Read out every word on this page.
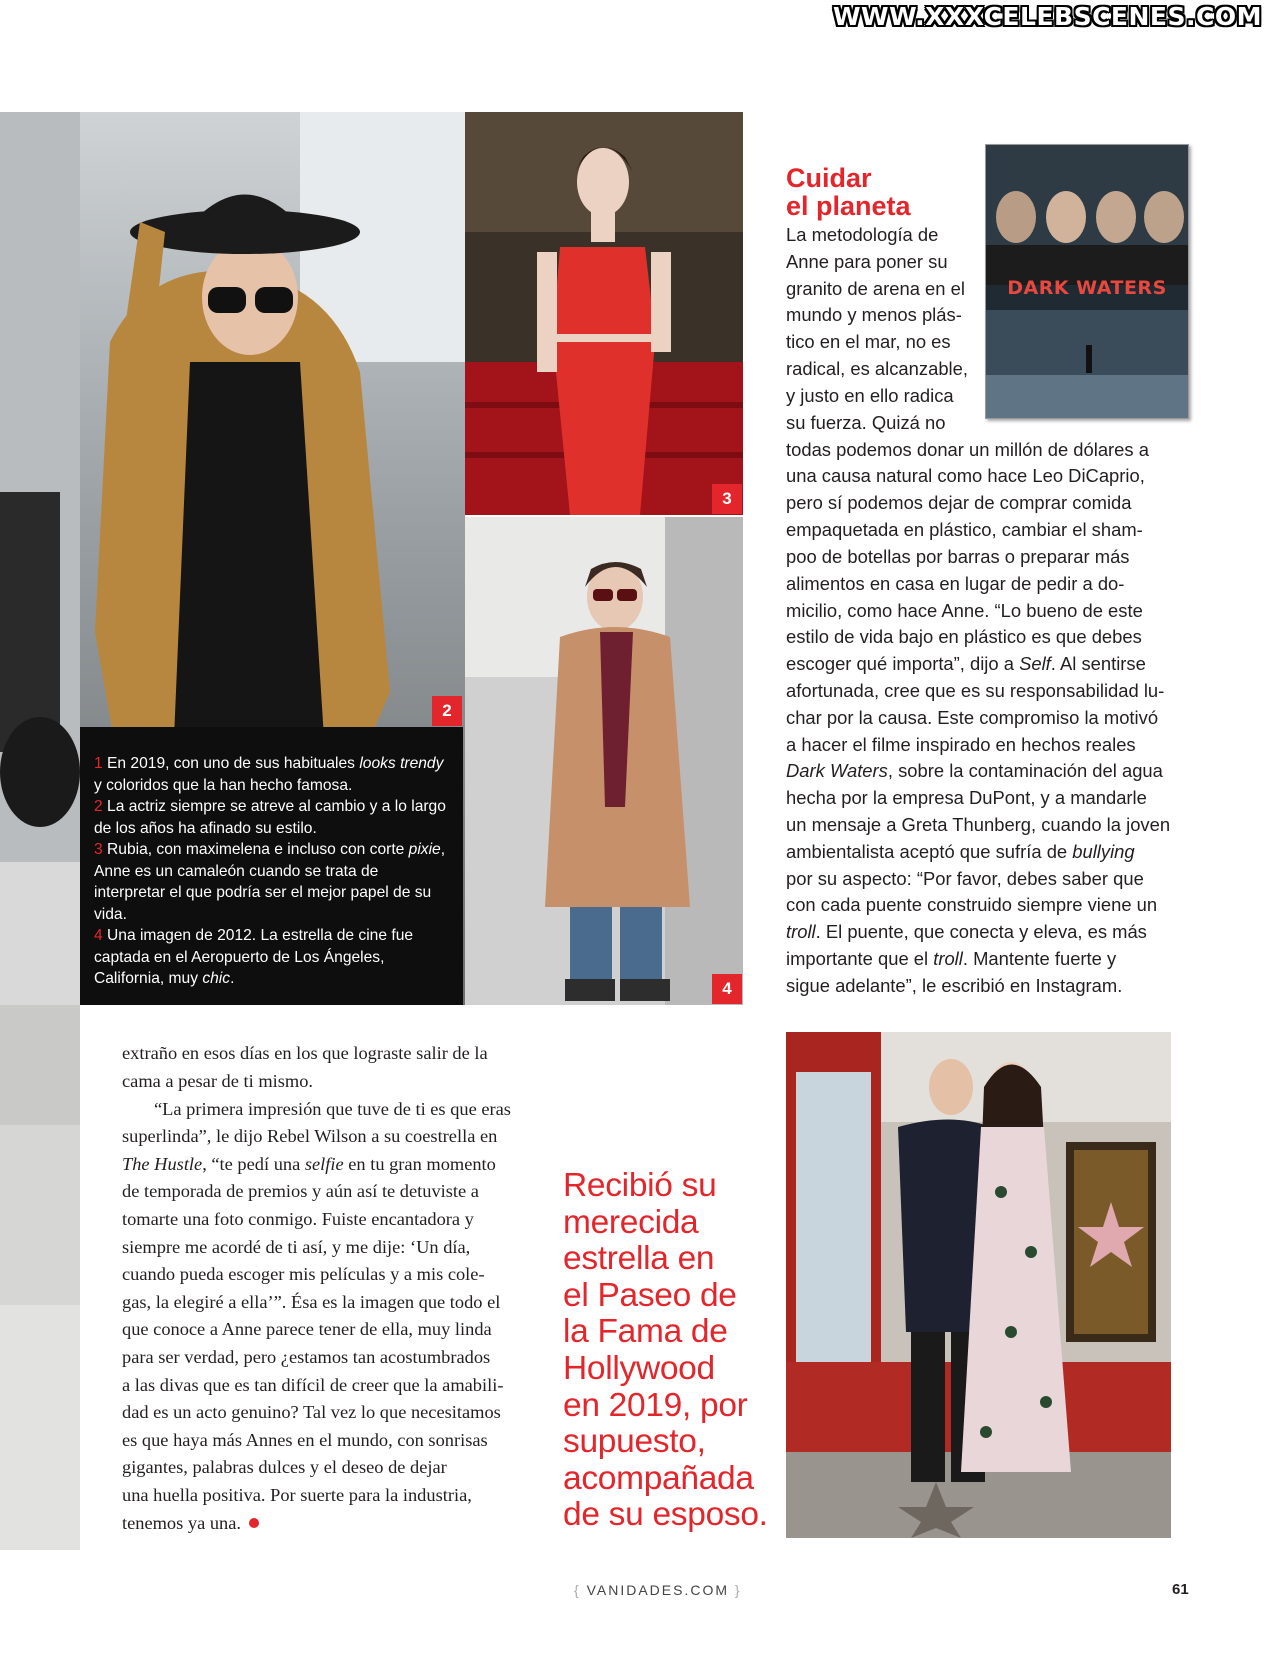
WWW.XXXCELEBSCENES.COM
2
3
4

1 En 2019, con uno de sus habituales looks trendy y coloridos que la han hecho famosa.

2 La actriz siempre se atreve al cambio y a lo largo de los años ha afinado su estilo.

3 Rubia, con maximelena e incluso con corte pixie, Anne es un camaleón cuando se trata de interpretar el que podría ser el mejor papel de su vida.

4 Una imagen de 2012. La estrella de cine fue captada en el Aeropuerto de Los Ángeles, California, muy chic.

DARK WATERS
Cuidar
el planeta
La metodología de
Anne para poner su
granito de arena en el
mundo y menos plás-
tico en el mar, no es
radical, es alcanzable,
y justo en ello radica
su fuerza. Quizá no
todas podemos donar un millón de dólares a
una causa natural como hace Leo DiCaprio,
pero sí podemos dejar de comprar comida
empaquetada en plástico, cambiar el sham-
poo de botellas por barras o preparar más
alimentos en casa en lugar de pedir a do-
micilio, como hace Anne. “Lo bueno de este
estilo de vida bajo en plástico es que debes
escoger qué importa”, dijo a Self. Al sentirse
afortunada, cree que es su responsabilidad lu-
char por la causa. Este compromiso la motivó
a hacer el filme inspirado en hechos reales
Dark Waters, sobre la contaminación del agua
hecha por la empresa DuPont, y a mandarle
un mensaje a Greta Thunberg, cuando la joven
ambientalista aceptó que sufría de bullying
por su aspecto: “Por favor, debes saber que
con cada puente construido siempre viene un
troll. El puente, que conecta y eleva, es más
importante que el troll. Mantente fuerte y
sigue adelante”, le escribió en Instagram.
extraño en esos días en los que lograste salir de la
cama a pesar de ti mismo.
“La primera impresión que tuve de ti es que eras
superlinda”, le dijo Rebel Wilson a su coestrella en
The Hustle, “te pedí una selfie en tu gran momento
de temporada de premios y aún así te detuviste a
tomarte una foto conmigo. Fuiste encantadora y
siempre me acordé de ti así, y me dije: ‘Un día,
cuando pueda escoger mis películas y a mis cole-
gas, la elegiré a ella’”. Ésa es la imagen que todo el
que conoce a Anne parece tener de ella, muy linda
para ser verdad, pero ¿estamos tan acostumbrados
a las divas que es tan difícil de creer que la amabili-
dad es un acto genuino? Tal vez lo que necesitamos
es que haya más Annes en el mundo, con sonrisas
gigantes, palabras dulces y el deseo de dejar
una huella positiva. Por suerte para la industria,
tenemos ya una.
Recibió su
merecida
estrella en
el Paseo de
la Fama de
Hollywood
en 2019, por
supuesto,
acompañada
de su esposo.
{ VANIDADES.COM }	61
